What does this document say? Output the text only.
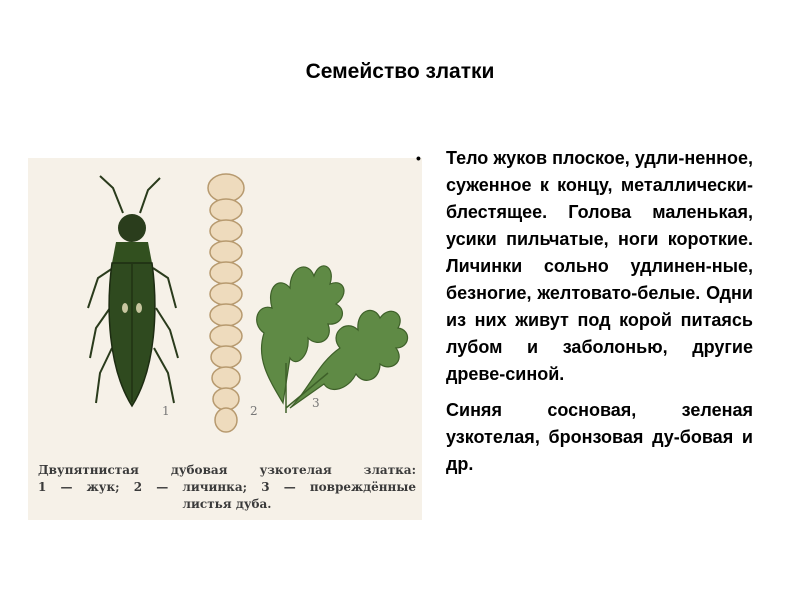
Семейство златки
1	2
3
Двупятнистая дубовая узкотелая златка:
1 — жук; 2 — личинка; 3 — повреждённые
листья дуба.
• Тело жуков плоское, удли-ненное, суженное к концу, металлически- блестящее. Голова маленькая, усики пильчатые, ноги короткие. Личинки сольно удлинен-ные, безногие, желтовато-белые. Одни из них живут под корой питаясь лубом и заболонью, другие древе-синой.

Синяя сосновая, зеленая узкотелая, бронзовая ду-бовая и др.
